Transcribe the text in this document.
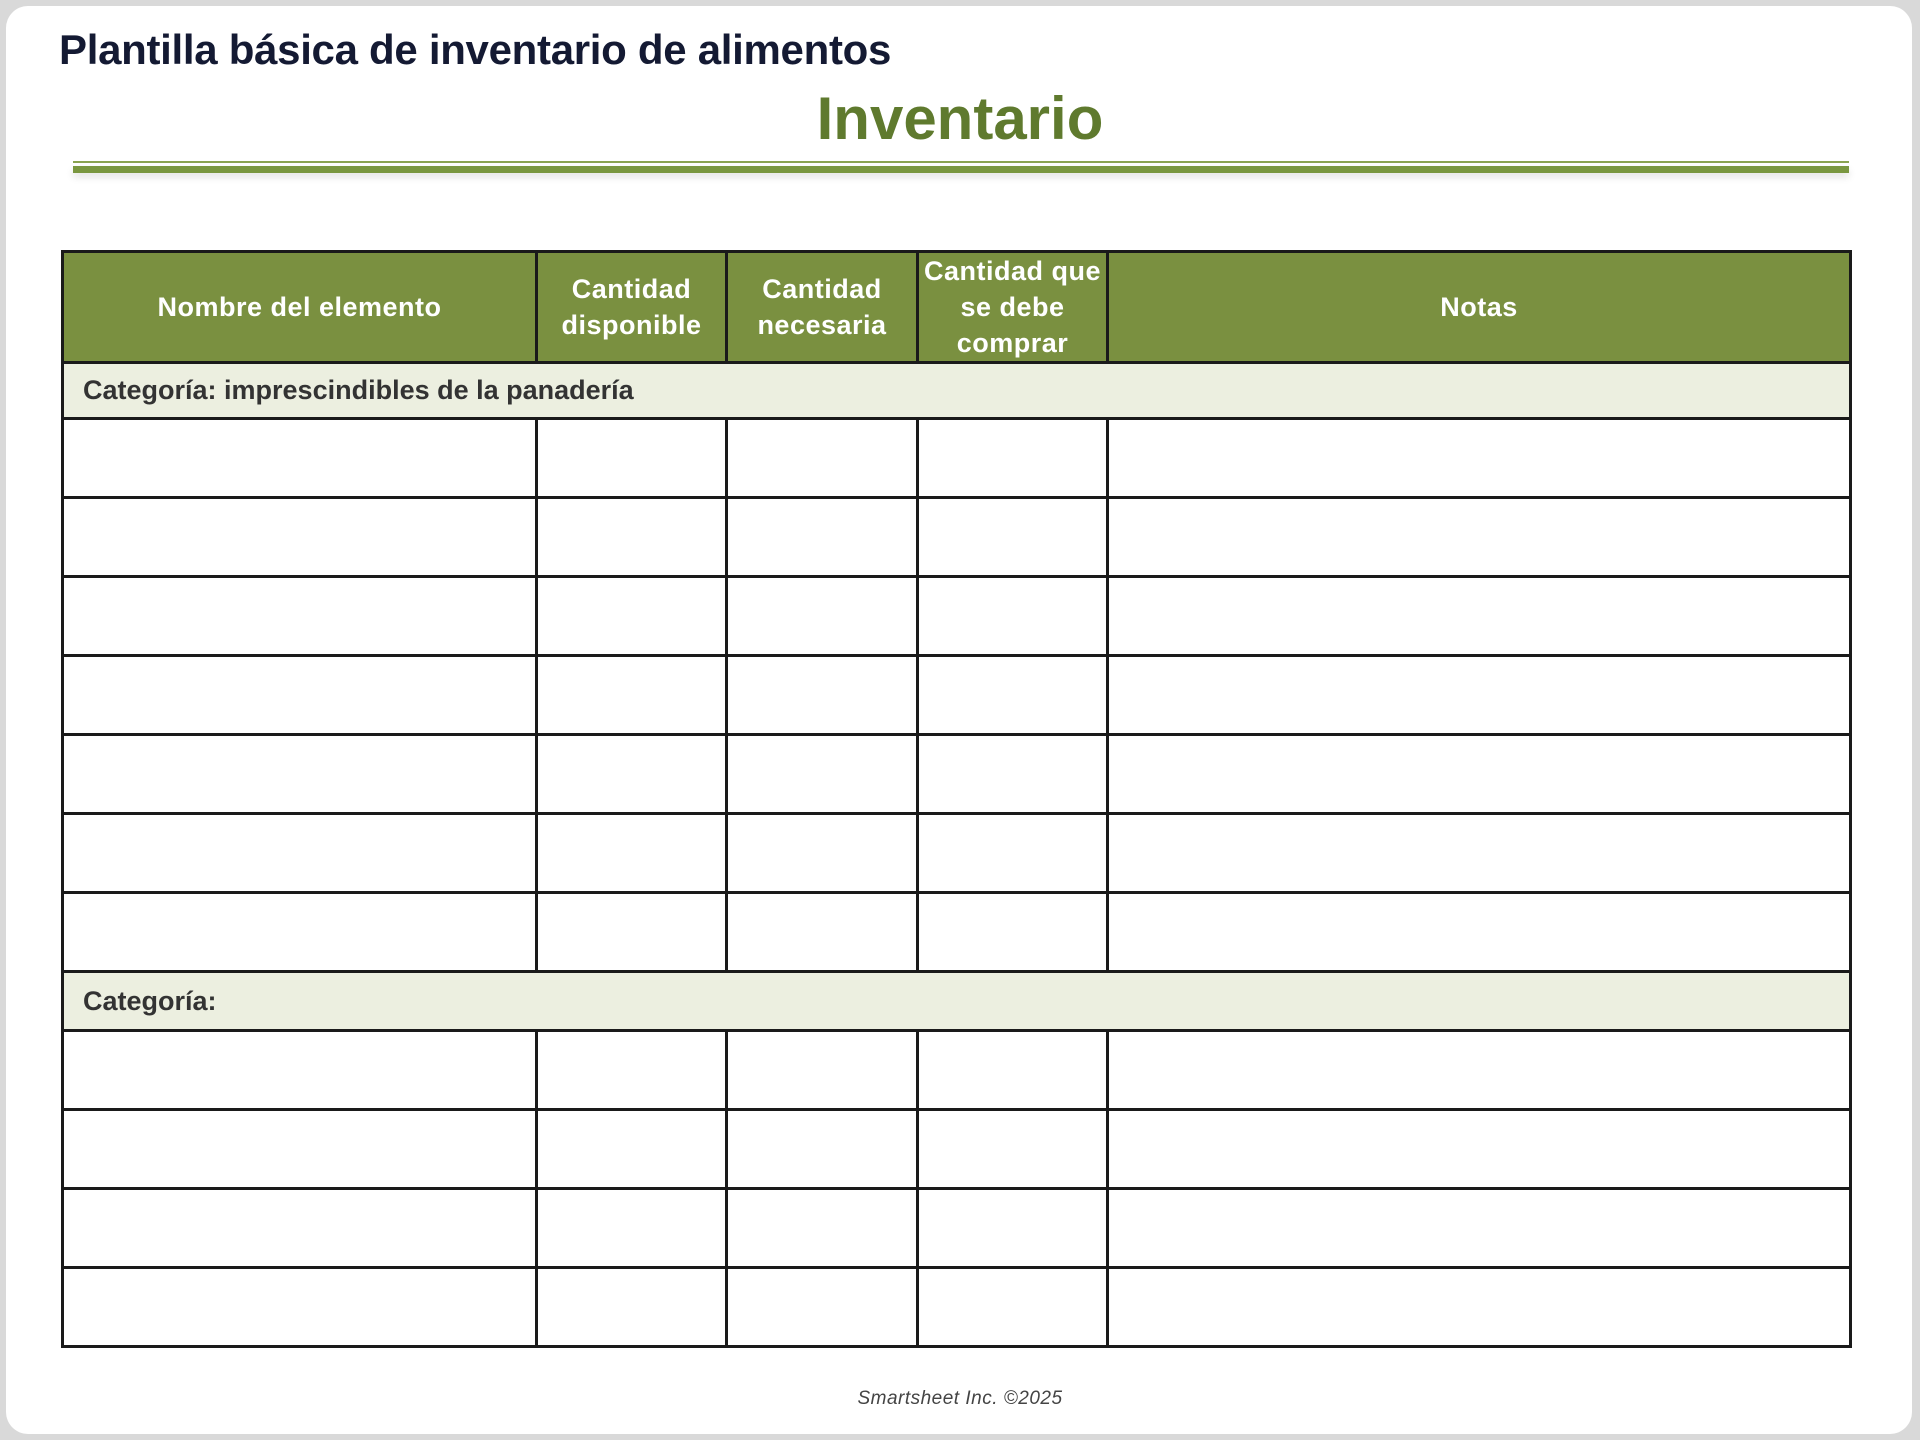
Plantilla básica de inventario de alimentos
Inventario
Nombre del elemento	Cantidad disponible	Cantidad necesaria	Cantidad que se debe comprar	Notas
Categoría: imprescindibles de la panadería				

Categoría:				

Smartsheet Inc. ©2025
